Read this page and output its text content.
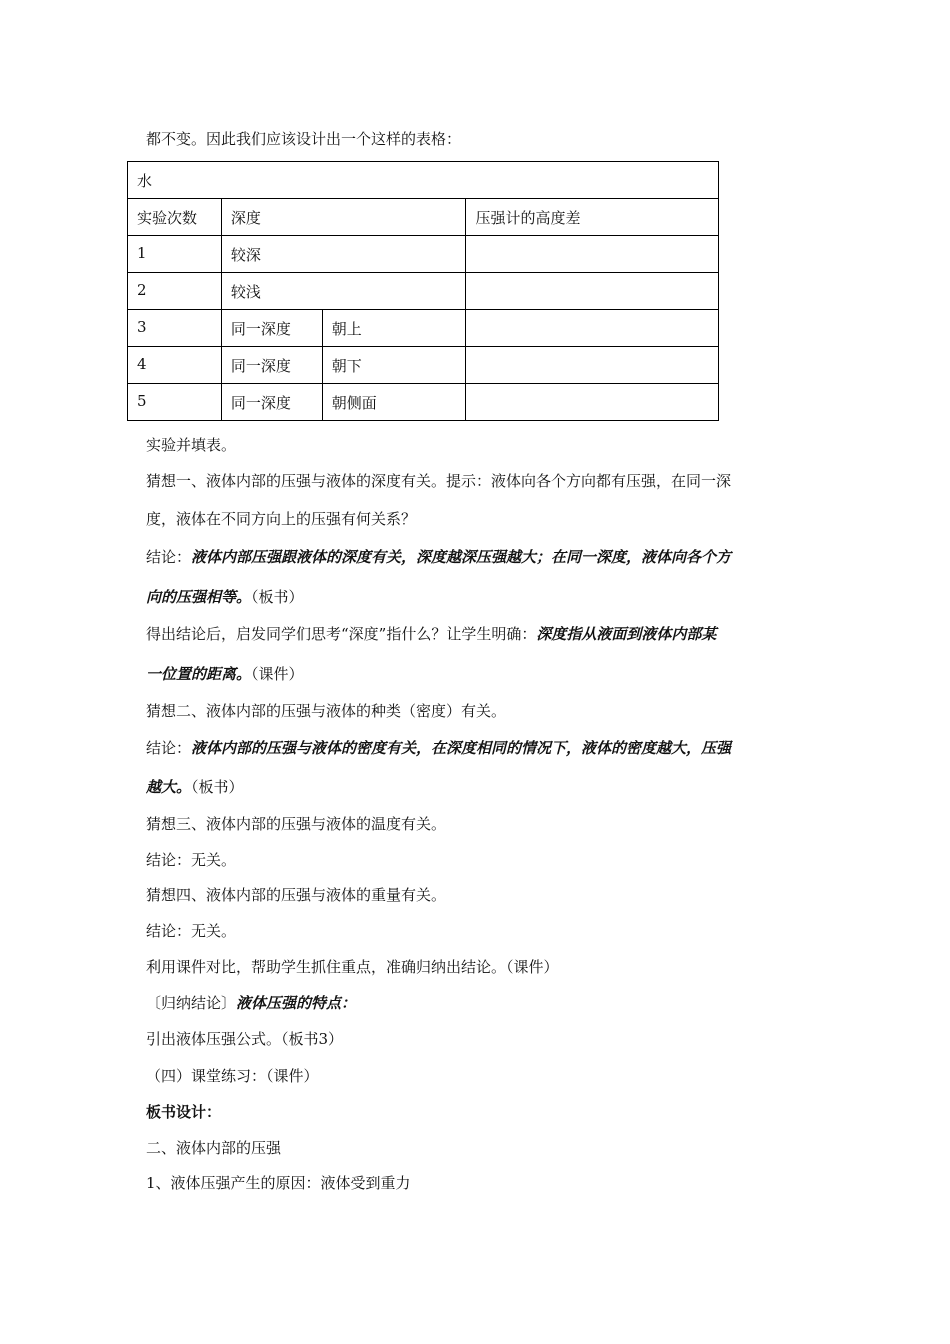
都不变。因此我们应该设计出一个这样的表格：
水			
实验次数	深度		压强计的高度差
1	较深		
2	较浅		
3	同一深度	朝上	
4	同一深度	朝下	
5	同一深度	朝侧面	
实验并填表。
猜想一、液体内部的压强与液体的深度有关。提示：液体向各个方向都有压强，在同一深
度，液体在不同方向上的压强有何关系？
结论：液体内部压强跟液体的深度有关，深度越深压强越大；在同一深度，液体向各个方
向的压强相等。（板书）
得出结论后，启发同学们思考“深度”指什么？让学生明确：深度指从液面到液体内部某
一位置的距离。（课件）
猜想二、液体内部的压强与液体的种类（密度）有关。
结论：液体内部的压强与液体的密度有关，在深度相同的情况下，液体的密度越大，压强
越大。（板书）
猜想三、液体内部的压强与液体的温度有关。
结论：无关。
猜想四、液体内部的压强与液体的重量有关。
结论：无关。
利用课件对比，帮助学生抓住重点，准确归纳出结论。（课件）
〔归纳结论〕液体压强的特点：
引出液体压强公式。（板书3）
（四）课堂练习：（课件）
板书设计：
二、液体内部的压强
1、液体压强产生的原因：液体受到重力
